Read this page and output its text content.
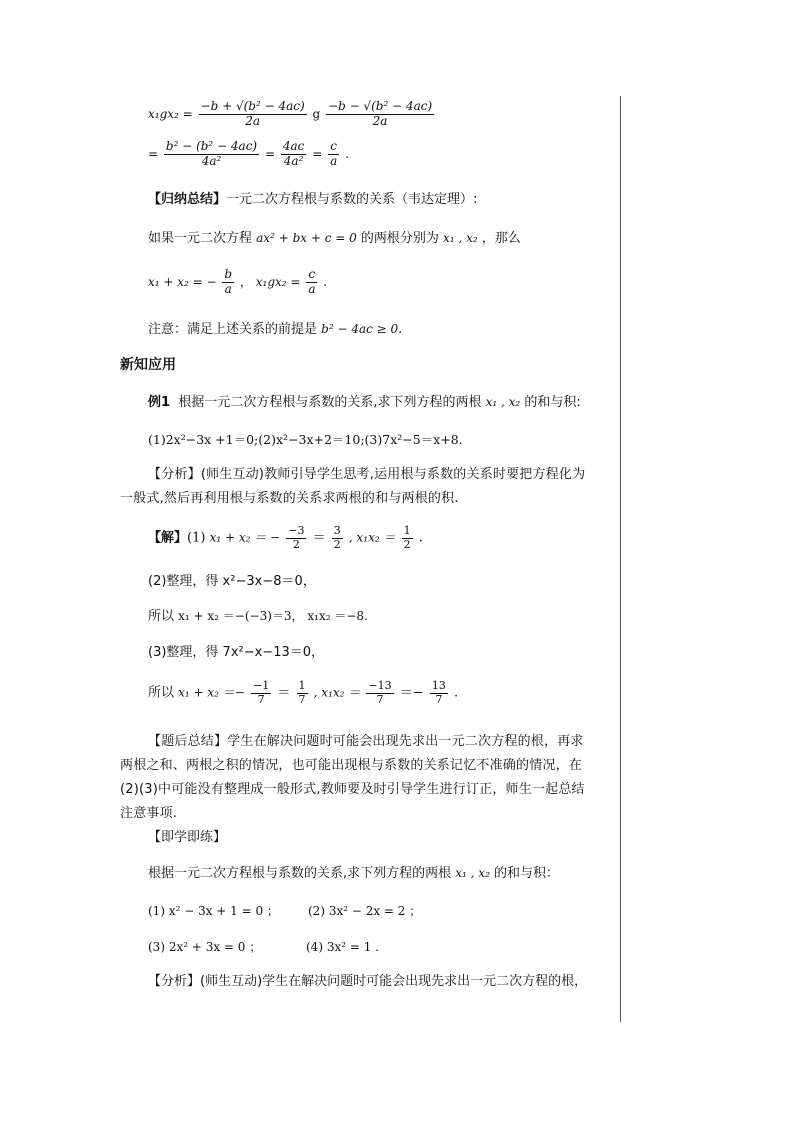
$x_1gx_2 = \frac{\text{−b + √(b² − 4ac)}}{2a}$ g $\frac{\text{−b − √(b² − 4ac)}}{2a}$
= $\frac{\text{b² − (b² − 4ac)}}{\text{4a²}} = \frac{4ac}{\text{4a²}} = \frac{c}{a}$ .
【归纳总结】一元二次方程根与系数的关系（韦达定理）:
如果一元二次方程 ax² + bx + c = 0 的两根分别为 x₁ , x₂ ，那么
x₁ + x₂ = − $\frac{b}{a}$ ， $x_1gx_2 = \frac{c}{a}$ .
注意：满足上述关系的前提是 b² − 4ac ≥ 0.
新知应用
例1 根据一元二次方程根与系数的关系,求下列方程的两根 x₁ , x₂ 的和与积:
(1)2x²−3x +1＝0;(2)x²−3x+2＝10;(3)7x²−5＝x+8.
【分析】(师生互动)教师引导学生思考,运用根与系数的关系时要把方程化为一般式,然后再利用根与系数的关系求两根的和与两根的积.
【解】(1) x₁ + x₂ ＝ − $\frac{-3}{2} = \frac{3}{2}$ , $x_1x_2 = \frac{1}{2}$ .
(2)整理，得 x²−3x−8＝0，
所以 x₁ + x₂ ＝−(−3)＝3， x₁x₂ ＝−8.
(3)整理，得 7x²−x−13＝0，
所以 $x_1 + x_2 =- \frac{-1}{7} = \frac{1}{7}$ , $x_1x_2 = \frac{-13}{7} =- \frac{13}{7}$ .
【题后总结】学生在解决问题时可能会出现先求出一元二次方程的根，再求两根之和、两根之积的情况，也可能出现根与系数的关系记忆不准确的情况，在(2)(3)中可能没有整理成一般形式,教师要及时引导学生进行订正，师生一起总结注意事项.
【即学即练】
根据一元二次方程根与系数的关系,求下列方程的两根 x₁ , x₂ 的和与积：
(1) x² − 3x + 1 = 0 ； (2) 3x² − 2x = 2 ；
(3) 2x² + 3x = 0 ；	(4) 3x² = 1 .
【分析】(师生互动)学生在解决问题时可能会出现先求出一元二次方程的根，
